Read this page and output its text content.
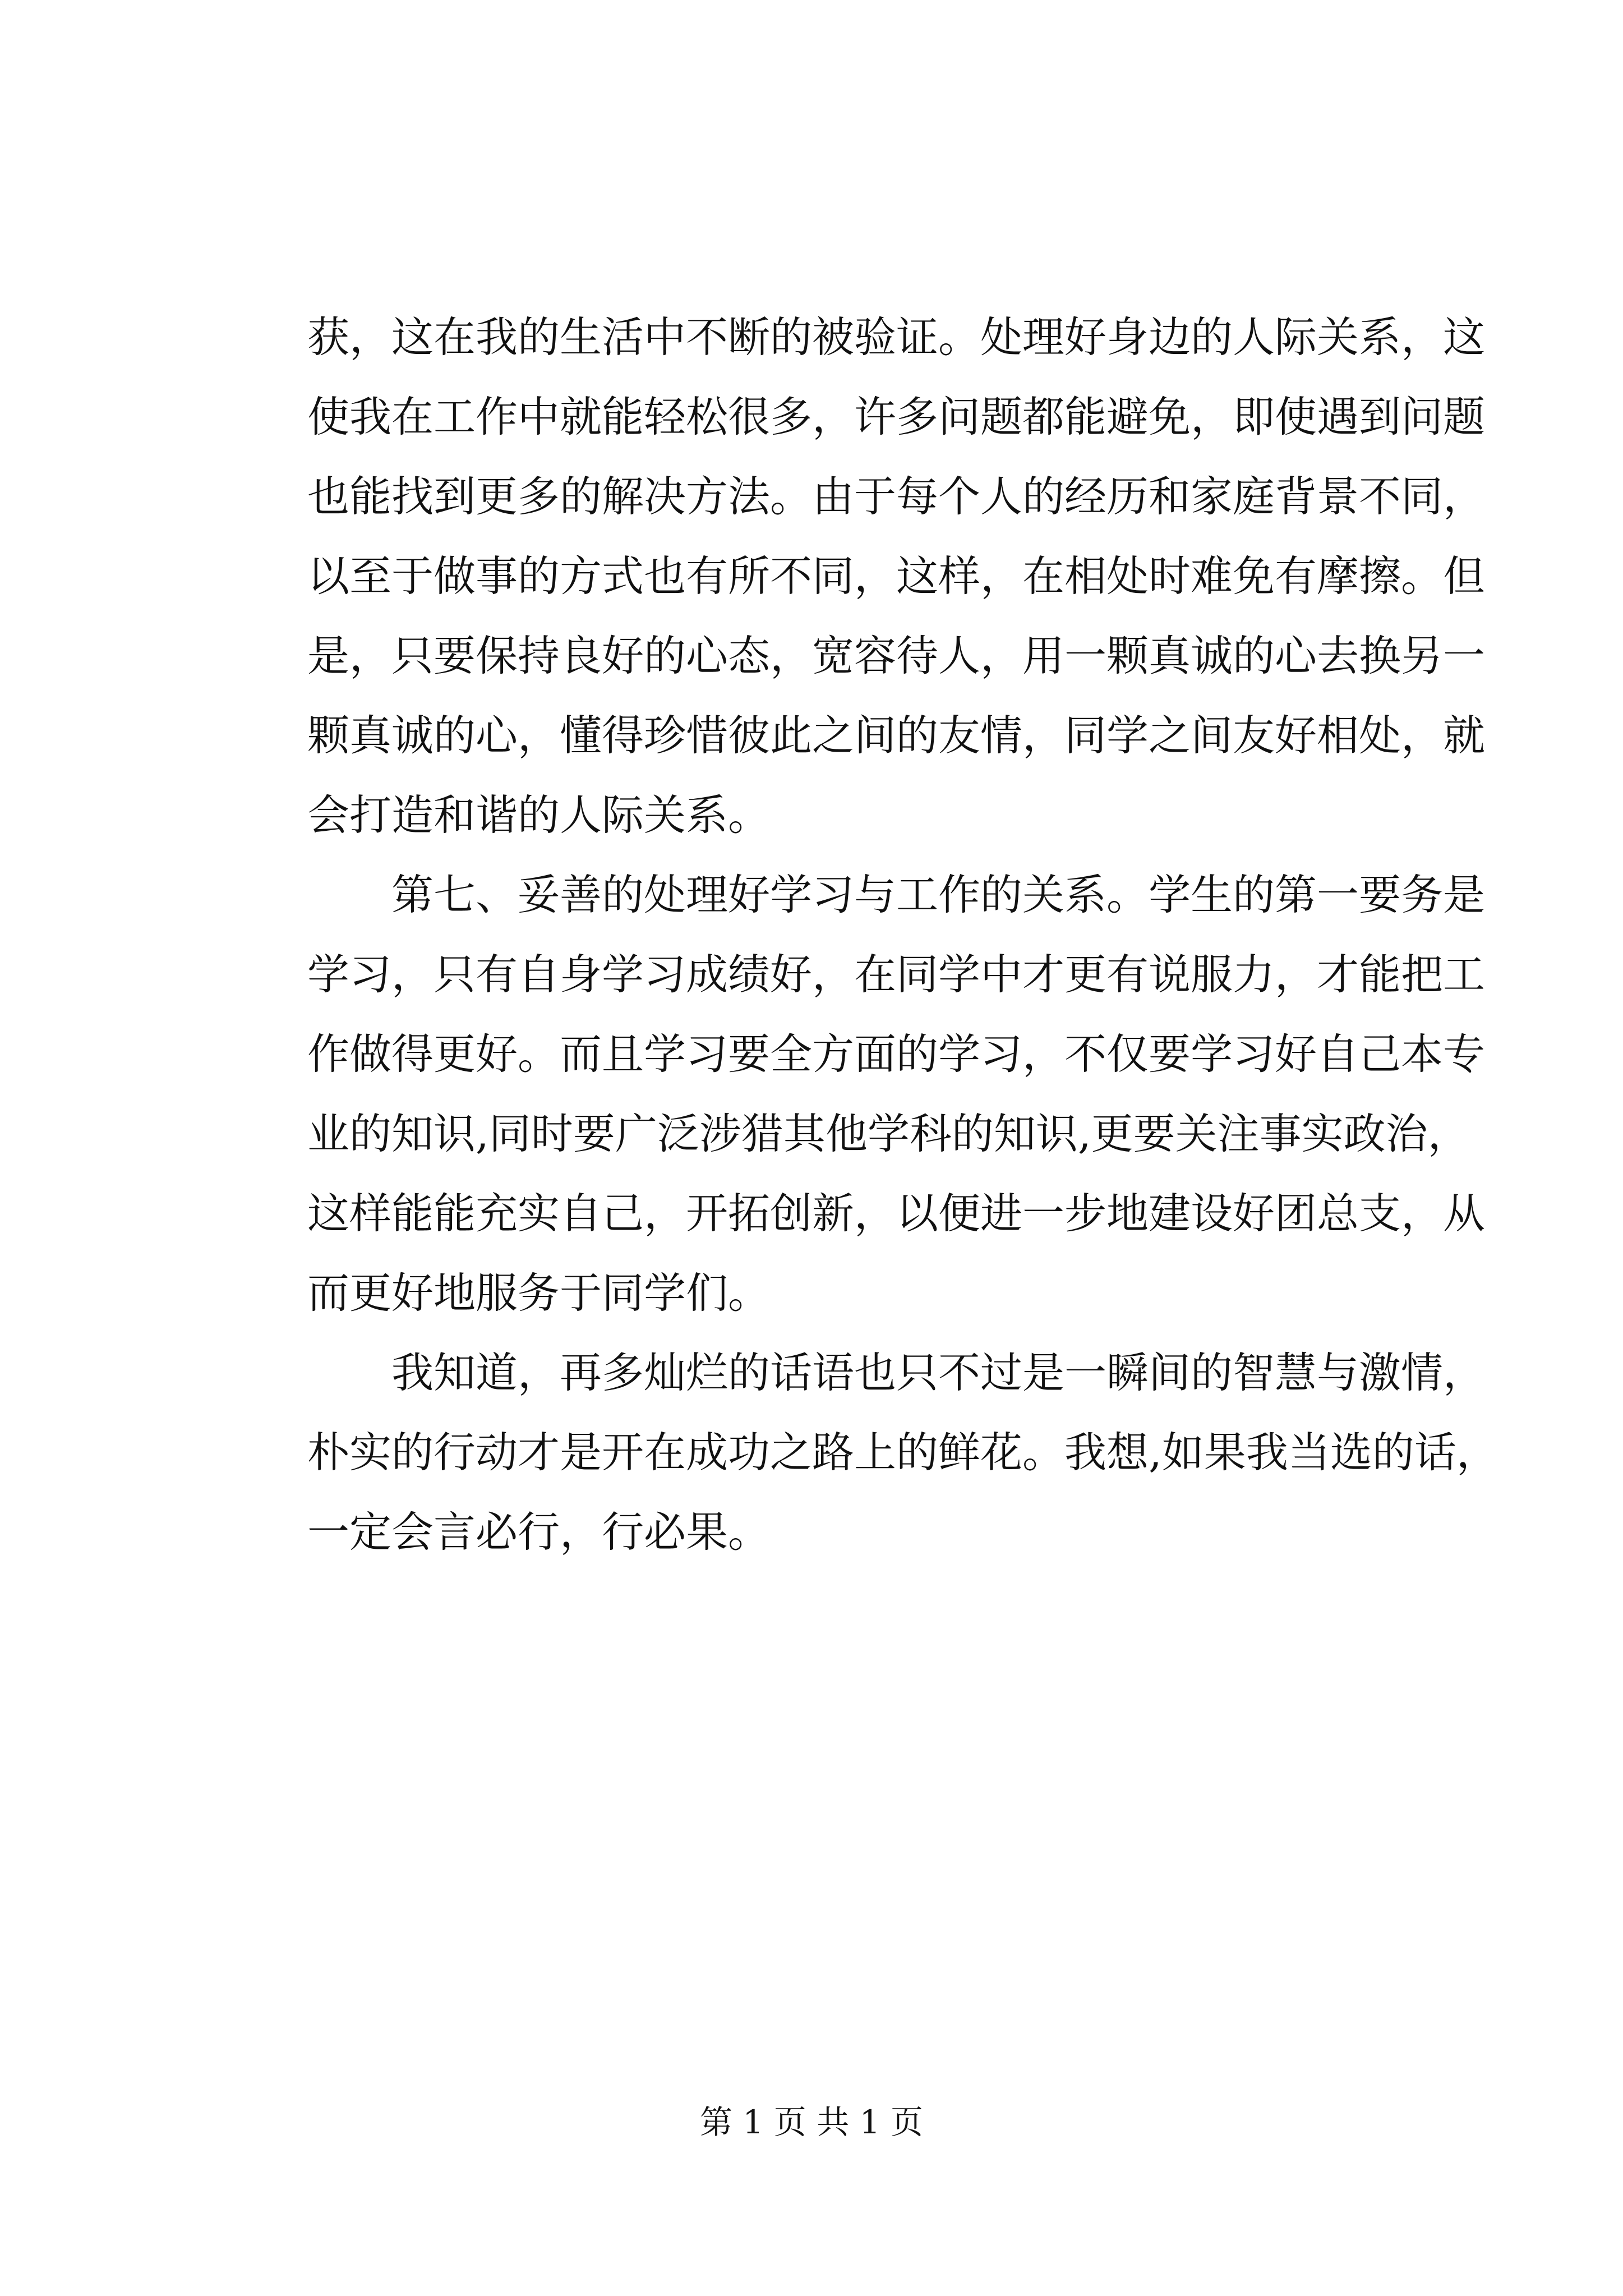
获，这在我的生活中不断的被验证。处理好身边的人际关系，这
使我在工作中就能轻松很多，许多问题都能避免，即使遇到问题
也能找到更多的解决方法。由于每个人的经历和家庭背景不同，
以至于做事的方式也有所不同，这样，在相处时难免有摩擦。但
是，只要保持良好的心态，宽容待人，用一颗真诚的心去换另一
颗真诚的心，懂得珍惜彼此之间的友情，同学之间友好相处，就
会打造和谐的人际关系。
　　第七、妥善的处理好学习与工作的关系。学生的第一要务是
学习，只有自身学习成绩好，在同学中才更有说服力，才能把工
作做得更好。而且学习要全方面的学习，不仅要学习好自己本专
业的知识,同时要广泛涉猎其他学科的知识,更要关注事实政治，
这样能能充实自己，开拓创新，以便进一步地建设好团总支，从
而更好地服务于同学们。
　　我知道，再多灿烂的话语也只不过是一瞬间的智慧与激情，
朴实的行动才是开在成功之路上的鲜花。我想,如果我当选的话，
一定会言必行，行必果。
第 1 页 共 1 页
